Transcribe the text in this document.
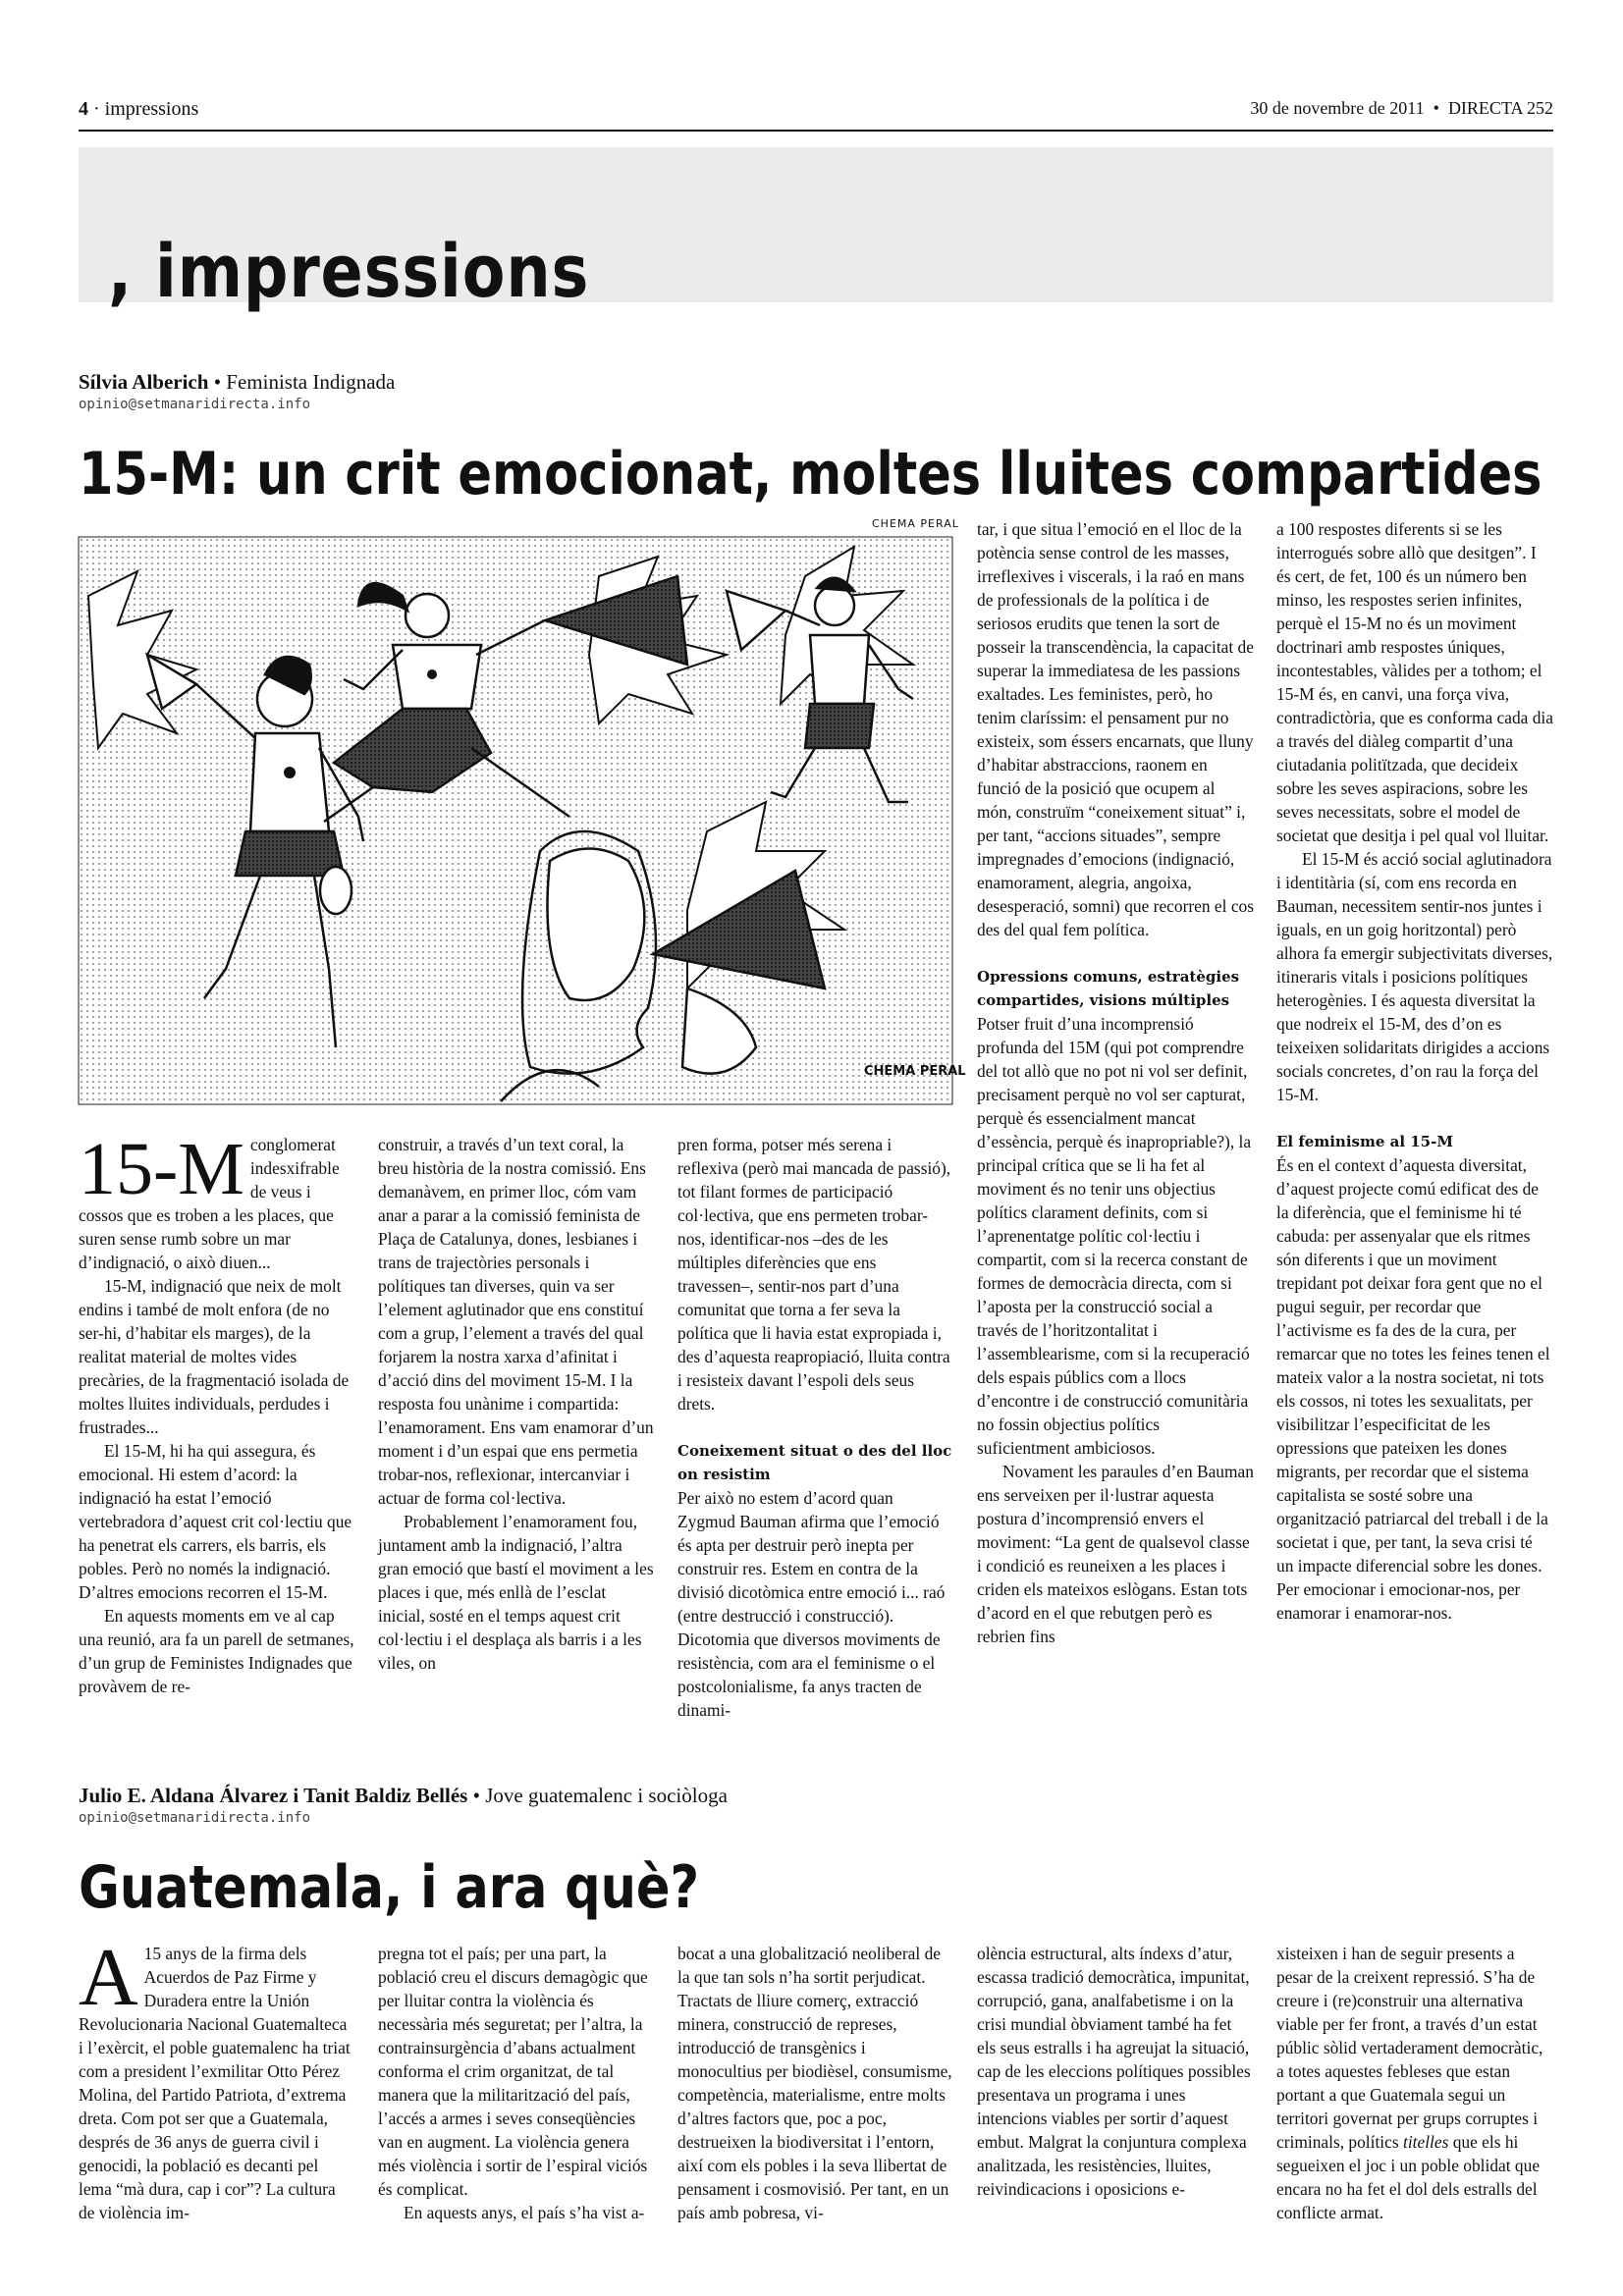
4 · impressions	30 de novembre de 2011 • DIRECTA 252
, impressions
Sílvia Alberich • Feminista Indignada
opinio@setmanaridirecta.info
15-M: un crit emocionat, moltes lluites compartides
CHEMA PERAL
CHEMA PERAL
15-M conglomerat indesxifrable de veus i cossos que es troben a les places, que suren sense rumb sobre un mar d’indignació, o això diuen...

15-M, indignació que neix de molt endins i també de molt enfora (de no ser-hi, d’habitar els marges), de la realitat material de moltes vides precàries, de la fragmentació isolada de moltes lluites individuals, perdudes i frustrades...

El 15-M, hi ha qui assegura, és emocional. Hi estem d’acord: la indignació ha estat l’emoció vertebradora d’aquest crit col·lectiu que ha penetrat els carrers, els barris, els pobles. Però no només la indignació. D’altres emocions recorren el 15-M.

En aquests moments em ve al cap una reunió, ara fa un parell de setmanes, d’un grup de Feministes Indignades que provàvem de re-

construir, a través d’un text coral, la breu història de la nostra comissió. Ens demanàvem, en primer lloc, cóm vam anar a parar a la comissió feminista de Plaça de Catalunya, dones, lesbianes i trans de trajectòries personals i polítiques tan diverses, quin va ser l’element aglutinador que ens constituí com a grup, l’element a través del qual forjarem la nostra xarxa d’afinitat i d’acció dins del moviment 15-M. I la resposta fou unànime i compartida: l’enamorament. Ens vam enamorar d’un moment i d’un espai que ens permetia trobar-nos, reflexionar, intercanviar i actuar de forma col·lectiva.

Probablement l’enamorament fou, juntament amb la indignació, l’altra gran emoció que bastí el moviment a les places i que, més enllà de l’esclat inicial, sosté en el temps aquest crit col·lectiu i el desplaça als barris i a les viles, on

pren forma, potser més serena i reflexiva (però mai mancada de passió), tot filant formes de participació col·lectiva, que ens permeten trobar-nos, identificar-nos –des de les múltiples diferències que ens travessen–, sentir-nos part d’una comunitat que torna a fer seva la política que li havia estat expropiada i, des d’aquesta reapropiació, lluita contra i resisteix davant l’espoli dels seus drets.

Coneixement situat o des del lloc on resistim

Per això no estem d’acord quan Zygmud Bauman afirma que l’emoció és apta per destruir però inepta per construir res. Estem en contra de la divisió dicotòmica entre emoció i... raó (entre destrucció i construcció). Dicotomia que diversos moviments de resistència, com ara el feminisme o el postcolonialisme, fa anys tracten de dinami-

tar, i que situa l’emoció en el lloc de la potència sense control de les masses, irreflexives i viscerals, i la raó en mans de professionals de la política i de seriosos erudits que tenen la sort de posseir la transcendència, la capacitat de superar la immediatesa de les passions exaltades. Les feministes, però, ho tenim claríssim: el pensament pur no existeix, som éssers encarnats, que lluny d’habitar abstraccions, raonem en funció de la posició que ocupem al món, construïm “coneixement situat” i, per tant, “accions situades”, sempre impregnades d’emocions (indignació, enamorament, alegria, angoixa, desesperació, somni) que recorren el cos des del qual fem política.

Opressions comuns, estratègies compartides, visions múltiples

Potser fruit d’una incomprensió profunda del 15M (qui pot comprendre del tot allò que no pot ni vol ser definit, precisament perquè no vol ser capturat, perquè és essencialment mancat d’essència, perquè és inapropriable?), la principal crítica que se li ha fet al moviment és no tenir uns objectius polítics clarament definits, com si l’aprenentatge polític col·lectiu i compartit, com si la recerca constant de formes de democràcia directa, com si l’aposta per la construcció social a través de l’horitzontalitat i l’assemblearisme, com si la recuperació dels espais públics com a llocs d’encontre i de construcció comunitària no fossin objectius polítics suficientment ambiciosos.

Novament les paraules d’en Bauman ens serveixen per il·lustrar aquesta postura d’incomprensió envers el moviment: “La gent de qualsevol classe i condició es reuneixen a les places i criden els mateixos eslògans. Estan tots d’acord en el que rebutgen però es rebrien fins

a 100 respostes diferents si se les interrogués sobre allò que desitgen”. I és cert, de fet, 100 és un número ben minso, les respostes serien infinites, perquè el 15-M no és un moviment doctrinari amb respostes úniques, incontestables, vàlides per a tothom; el 15-M és, en canvi, una força viva, contradictòria, que es conforma cada dia a través del diàleg compartit d’una ciutadania politïtzada, que decideix sobre les seves aspiracions, sobre les seves necessitats, sobre el model de societat que desitja i pel qual vol lluitar.

El 15-M és acció social aglutinadora i identitària (sí, com ens recorda en Bauman, necessitem sentir-nos juntes i iguals, en un goig horitzontal) però alhora fa emergir subjectivitats diverses, itineraris vitals i posicions polítiques heterogènies. I és aquesta diversitat la que nodreix el 15-M, des d’on es teixeixen solidaritats dirigides a accions socials concretes, d’on rau la força del 15-M.

El feminisme al 15-M

És en el context d’aquesta diversitat, d’aquest projecte comú edificat des de la diferència, que el feminisme hi té cabuda: per assenyalar que els ritmes són diferents i que un moviment trepidant pot deixar fora gent que no el pugui seguir, per recordar que l’activisme es fa des de la cura, per remarcar que no totes les feines tenen el mateix valor a la nostra societat, ni tots els cossos, ni totes les sexualitats, per visibilitzar l’especificitat de les opressions que pateixen les dones migrants, per recordar que el sistema capitalista se sosté sobre una organització patriarcal del treball i de la societat i que, per tant, la seva crisi té un impacte diferencial sobre les dones. Per emocionar i emocionar-nos, per enamorar i enamorar-nos.

Julio E. Aldana Álvarez i Tanit Baldiz Bellés • Jove guatemalenc i sociòloga
opinio@setmanaridirecta.info
Guatemala, i ara què?
A 15 anys de la firma dels Acuerdos de Paz Firme y Duradera entre la Unión Revolucionaria Nacional Guatemalteca i l’exèrcit, el poble guatemalenc ha triat com a president l’exmilitar Otto Pérez Molina, del Partido Patriota, d’extrema dreta. Com pot ser que a Guatemala, després de 36 anys de guerra civil i genocidi, la població es decanti pel lema “mà dura, cap i cor”? La cultura de violència im-

pregna tot el país; per una part, la població creu el discurs demagògic que per lluitar contra la violència és necessària més seguretat; per l’altra, la contrainsurgència d’abans actualment conforma el crim organitzat, de tal manera que la militarització del país, l’accés a armes i seves conseqüències van en augment. La violència genera més violència i sortir de l’espiral viciós és complicat.

En aquests anys, el país s’ha vist a-

bocat a una globalització neoliberal de la que tan sols n’ha sortit perjudicat. Tractats de lliure comerç, extracció minera, construcció de represes, introducció de transgènics i monocultius per biodièsel, consumisme, competència, materialisme, entre molts d’altres factors que, poc a poc, destrueixen la biodiversitat i l’entorn, així com els pobles i la seva llibertat de pensament i cosmovisió. Per tant, en un país amb pobresa, vi-

olència estructural, alts índexs d’atur, escassa tradició democràtica, impunitat, corrupció, gana, analfabetisme i on la crisi mundial òbviament també ha fet els seus estralls i ha agreujat la situació, cap de les eleccions polítiques possibles presentava un programa i unes intencions viables per sortir d’aquest embut. Malgrat la conjuntura complexa analitzada, les resistències, lluites, reivindicacions i oposicions e-

xisteixen i han de seguir presents a pesar de la creixent repressió. S’ha de creure i (re)construir una alternativa viable per fer front, a través d’un estat públic sòlid vertaderament democràtic, a totes aquestes febleses que estan portant a que Guatemala segui un territori governat per grups corruptes i criminals, polítics titelles que els hi segueixen el joc i un poble oblidat que encara no ha fet el dol dels estralls del conflicte armat.
